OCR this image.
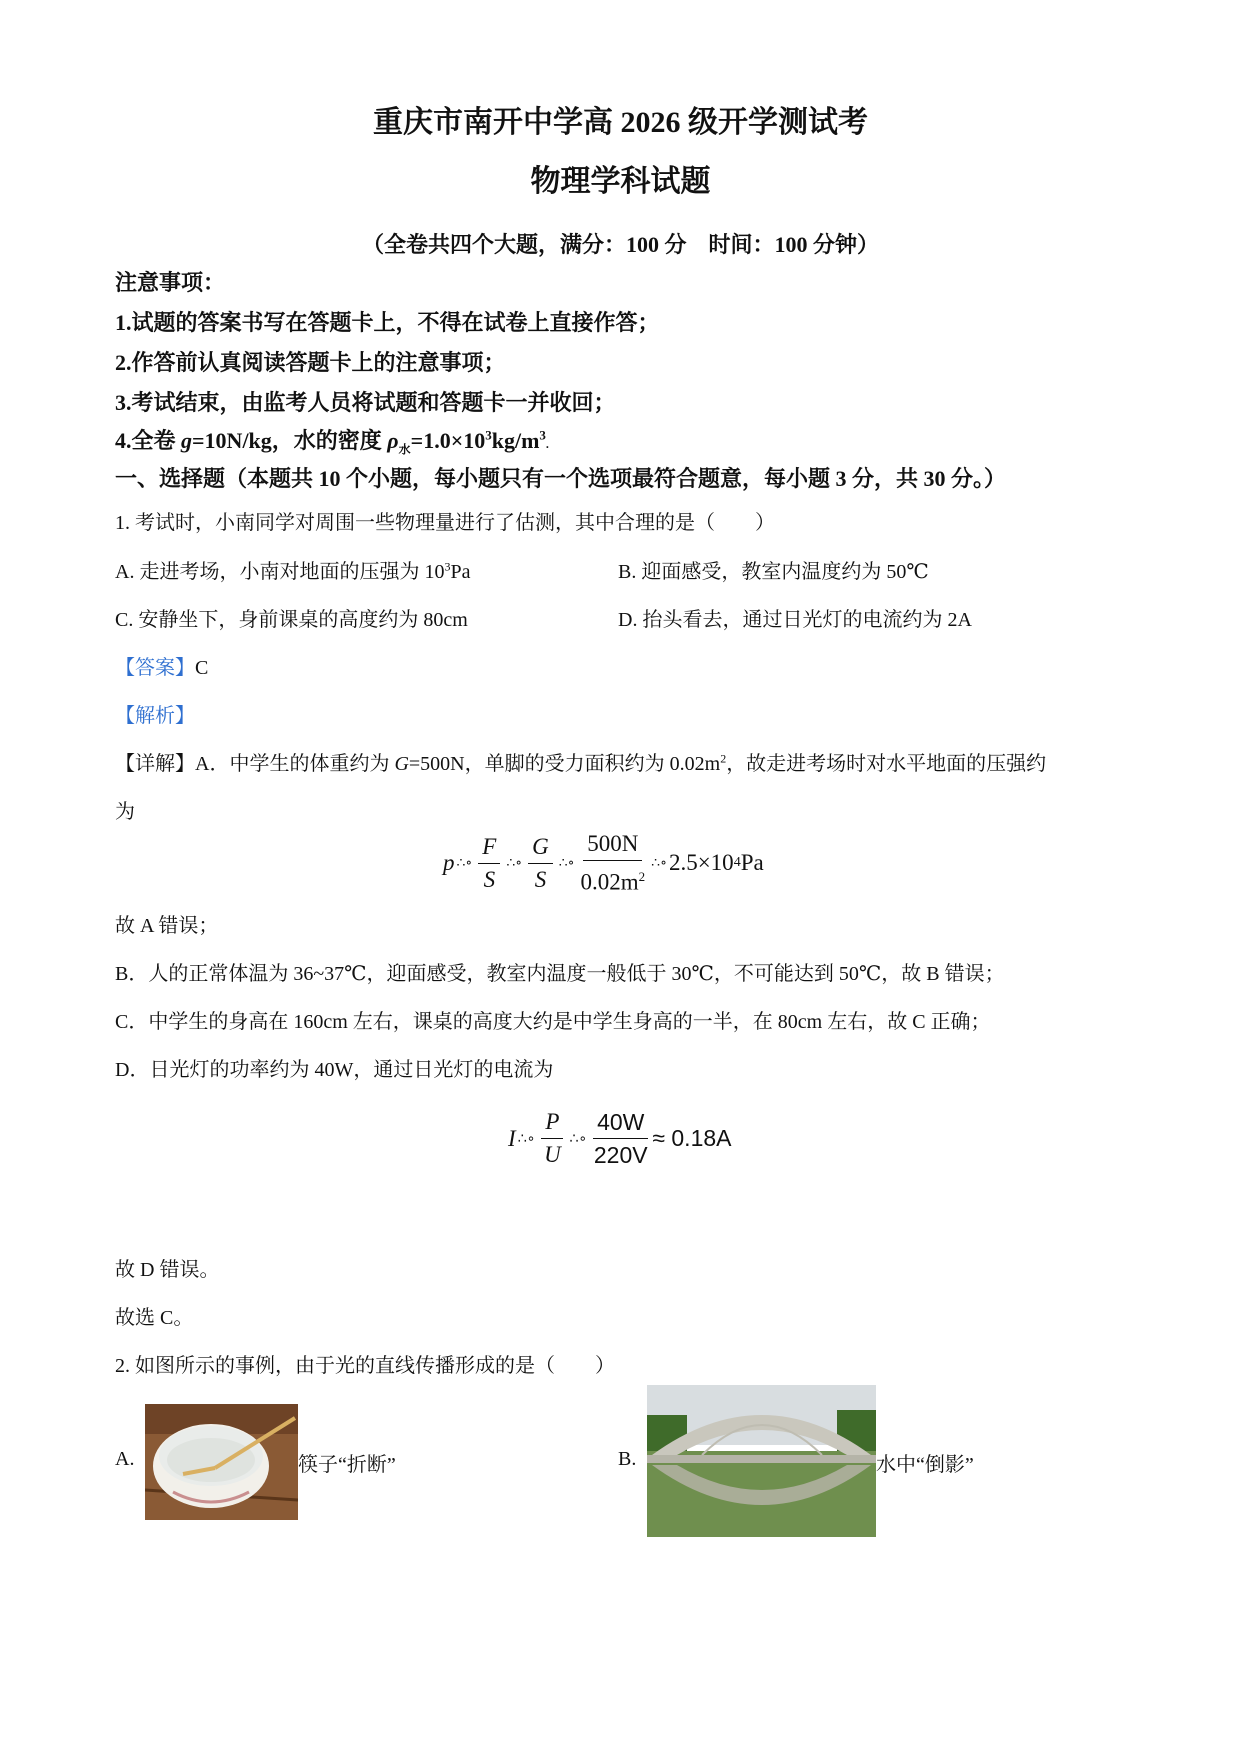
重庆市南开中学高 2026 级开学测试考
物理学科试题
（全卷共四个大题，满分：100 分　时间：100 分钟）
注意事项：
1.试题的答案书写在答题卡上，不得在试卷上直接作答；
2.作答前认真阅读答题卡上的注意事项；
3.考试结束，由监考人员将试题和答题卡一并收回；
4.全卷 g=10N/kg，水的密度 $\rho_水=1.0\times 10^3kg/m^3$.
一、选择题（本题共 10 个小题，每小题只有一个选项最符合题意，每小题 3 分，共 30 分。）
1. 考试时，小南同学对周围一些物理量进行了估测，其中合理的是（　　）
A. 走进考场，小南对地面的压强为 $10^3Pa$	B. 迎面感受，教室内温度约为 50℃
C. 安静坐下，身前课桌的高度约为 80cm	D. 抬头看去，通过日光灯的电流约为 2A
【答案】C
【解析】
【详解】A．中学生的体重约为 G=500N，单脚的受力面积约为 $0.02m^2$，故走进考场时对水平地面的压强约
为
p ∴∘ $\frac{F}{S}$ ∴∘ $\frac{G}{S}$ ∴∘ $\frac{500N}{0.02m^2}$ ∴∘ 2.5×10 4 Pa
故 A 错误；
B．人的正常体温为 36~37℃，迎面感受，教室内温度一般低于 30℃，不可能达到 50℃，故 B 错误；
C．中学生的身高在 160cm 左右，课桌的高度大约是中学生身高的一半，在 80cm 左右，故 C 正确；
D．日光灯的功率约为 40W，通过日光灯的电流为
I ∴∘ $\frac{P}{U}$ ∴∘ $\frac{40W}{220V} \approx 0.18A$
故 D 错误。
故选 C。
2. 如图所示的事例，由于光的直线传播形成的是（　　）
A.	筷子“折断”	B.	水中“倒影”
